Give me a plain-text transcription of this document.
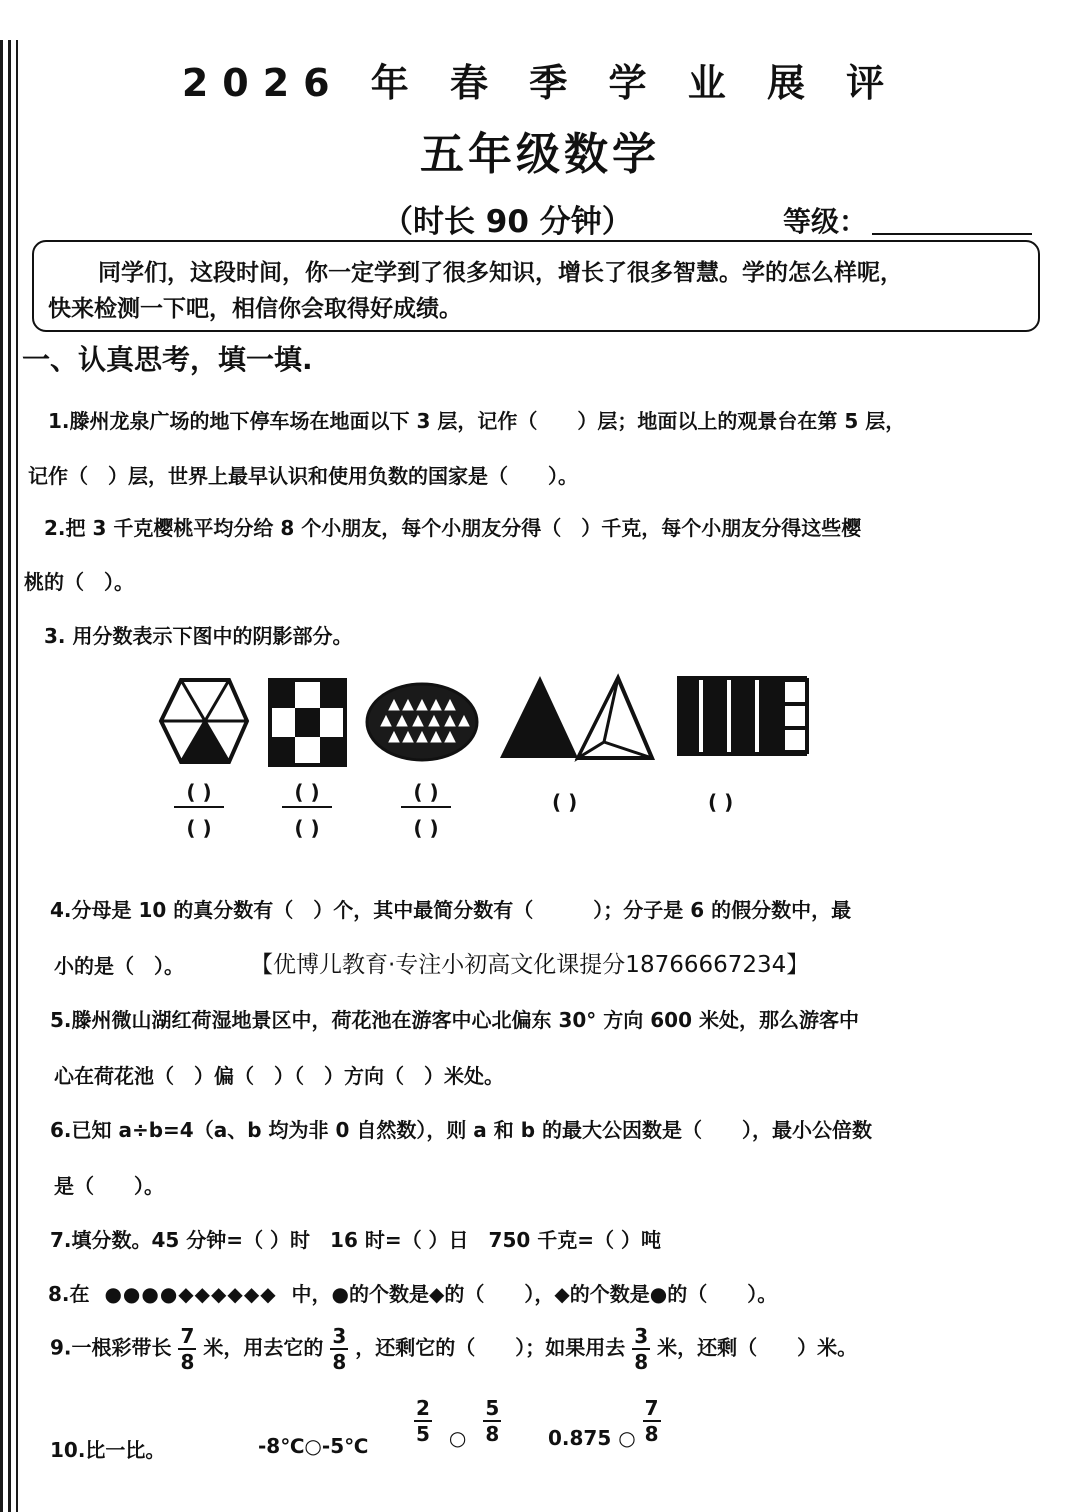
2026 年 春 季 学 业 展 评
五年级数学
（时长 90 分钟）	等级：
同学们，这段时间，你一定学到了很多知识，增长了很多智慧。学的怎么样呢，
快来检测一下吧，相信你会取得好成绩。
一、认真思考，填一填.
1.滕州龙泉广场的地下停车场在地面以下 3 层，记作（　　）层；地面以上的观景台在第 5 层，
记作（　）层，世界上最早认识和使用负数的国家是（　　）。
2.把 3 千克樱桃平均分给 8 个小朋友，每个小朋友分得（　）千克，每个小朋友分得这些樱
桃的（　）。
3. 用分数表示下图中的阴影部分。
( )
( )
( )
( )
( )
( )
( )	( )
4.分母是 10 的真分数有（　）个，其中最简分数有（　　　）；分子是 6 的假分数中，最
小的是（　）。	【优博儿教育·专注小初高文化课提分18766667234】
5.滕州微山湖红荷湿地景区中，荷花池在游客中心北偏东 30° 方向 600 米处，那么游客中
心在荷花池（　）偏（　）（　）方向（　）米处。
6.已知 a÷b=4（a、b 均为非 0 自然数），则 a 和 b 的最大公因数是（　　），最小公倍数
是（　　）。
7.填分数。45 分钟=（ ）时　16 时=（ ）日　750 千克=（ ）吨
8.在 ●●●●◆◆◆◆◆◆ 中，●的个数是◆的（　　），◆的个数是●的（　　）。
9.一根彩带长 $\frac{7}{8}$ 米，用去它的 $\frac{3}{8}$ ，还剩它的（　　）；如果用去 $\frac{3}{8}$ 米，还剩（　　）米。
10.比一比。	-8℃○-5℃
$\frac{2}{5}$ ○ $\frac{5}{8} 0.875$ ○ $\frac{7}{8}$
